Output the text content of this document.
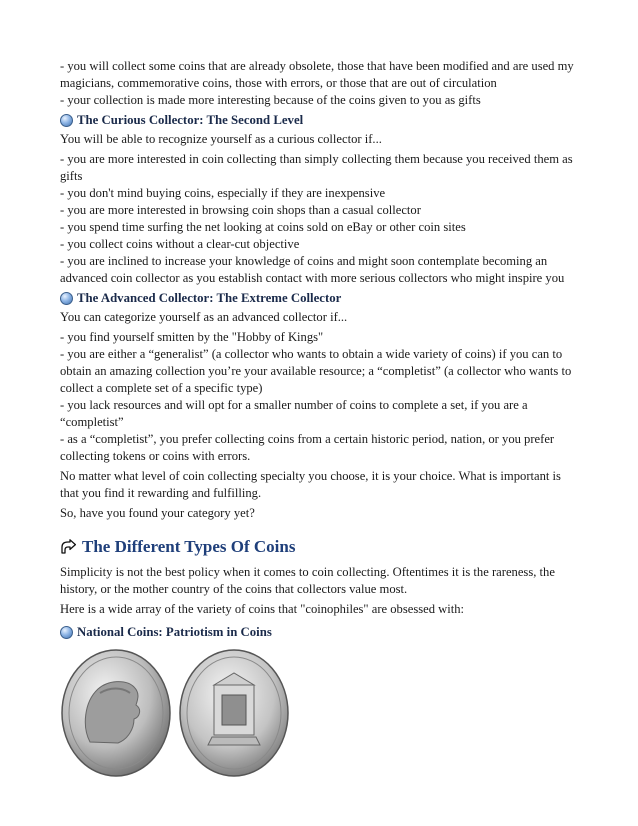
- you will collect some coins that are already obsolete, those that have been modified and are used my

magicians, commemorative coins, those with errors, or those that are out of circulation

- your collection is made more interesting because of the coins given to you as gifts

The Curious Collector: The Second Level

You will be able to recognize yourself as a curious collector if...

- you are more interested in coin collecting than simply collecting them because you received them as

gifts

- you don't mind buying coins, especially if they are inexpensive

- you are more interested in browsing coin shops than a casual collector

- you spend time surfing the net looking at coins sold on eBay or other coin sites

- you collect coins without a clear-cut objective

- you are inclined to increase your knowledge of coins and might soon contemplate becoming an

advanced coin collector as you establish contact with more serious collectors who might inspire you

The Advanced Collector: The Extreme Collector

You can categorize yourself as an advanced collector if...

- you find yourself smitten by the "Hobby of Kings"

- you are either a “generalist” (a collector who wants to obtain a wide variety of coins) if you can to

obtain an amazing collection you’re your available resource; a “completist” (a collector who wants to

collect a complete set of a specific type)

- you lack resources and will opt for a smaller number of coins to complete a set, if you are a

“completist”

- as a “completist”, you prefer collecting coins from a certain historic period, nation, or you prefer

collecting tokens or coins with errors.

No matter what level of coin collecting specialty you choose, it is your choice. What is important is

that you find it rewarding and fulfilling.

So, have you found your category yet?

The Different Types Of Coins

Simplicity is not the best policy when it comes to coin collecting. Oftentimes it is the rareness, the

history, or the mother country of the coins that collectors value most.

Here is a wide array of the variety of coins that "coinophiles" are obsessed with:

National Coins: Patriotism in Coins
